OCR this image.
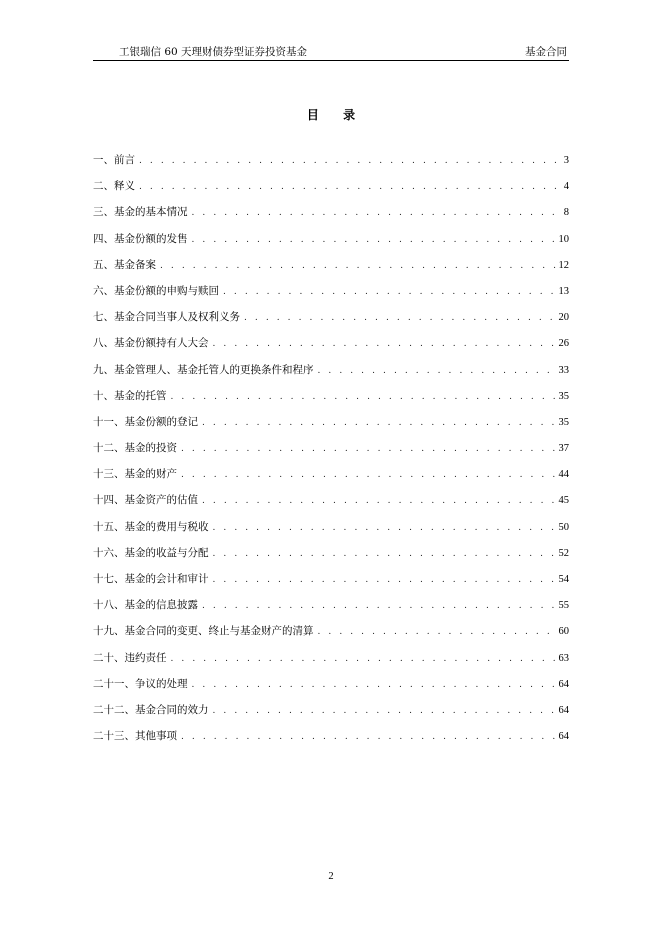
工银瑞信 60 天理财债券型证券投资基金	基金合同
目 录
一、前言 . . .	3
二、释义 . . .	4
三、基金的基本情况 . . .	8
四、基金份额的发售 . . .	10
五、基金备案 . . .	12
六、基金份额的申购与赎回 . . .	13
七、基金合同当事人及权利义务 . . .	20
八、基金份额持有人大会 . . .	26
九、基金管理人、基金托管人的更换条件和程序 . . .	33
十、基金的托管 . . .	35
十一、基金份额的登记 . . .	35
十二、基金的投资 . . .	37
十三、基金的财产 . . .	44
十四、基金资产的估值 . . .	45
十五、基金的费用与税收 . . .	50
十六、基金的收益与分配 . . .	52
十七、基金的会计和审计 . . .	54
十八、基金的信息披露 . . .	55
十九、基金合同的变更、终止与基金财产的清算 . . .	60
二十、违约责任 . . .	63
二十一、争议的处理 . . .	64
二十二、基金合同的效力 . . .	64
二十三、其他事项 . . .	64
2
